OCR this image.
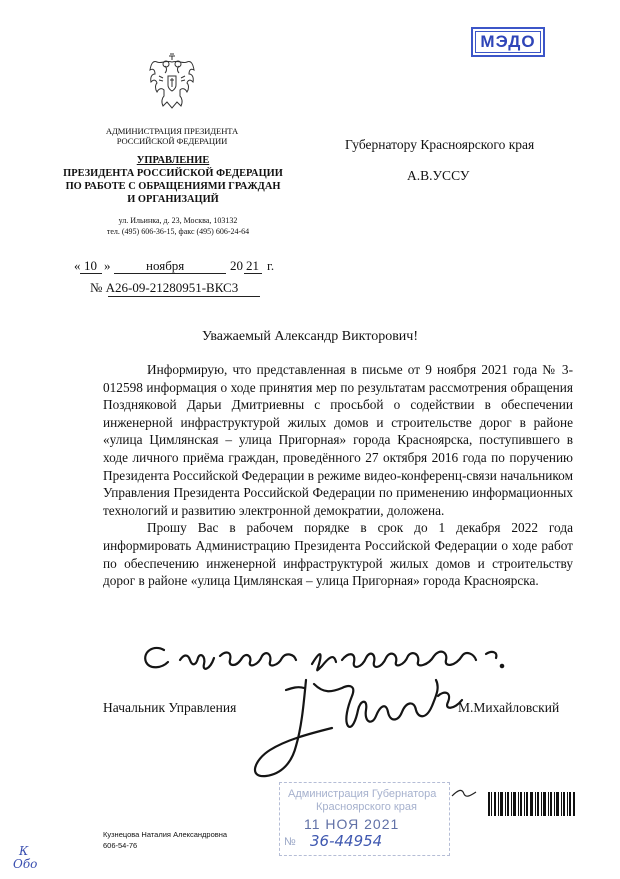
МЭДО
АДМИНИСТРАЦИЯ ПРЕЗИДЕНТА
РОССИЙСКОЙ ФЕДЕРАЦИИ
УПРАВЛЕНИЕ
ПРЕЗИДЕНТА РОССИЙСКОЙ ФЕДЕРАЦИИ
ПО РАБОТЕ С ОБРАЩЕНИЯМИ ГРАЖДАН
И ОРГАНИЗАЦИЙ
ул. Ильинка, д. 23, Москва, 103132
тел. (495) 606-36-15, факс (495) 606-24-64
« 10 »	ноября	20 21 г.
№ А26-09-21280951-ВКС3
Губернатору Красноярского края
А.В.УССУ
Уважаемый Александр Викторович!

Информирую, что представленная в письме от 9 ноября 2021 года № 3-012598 информация о ходе принятия мер по результатам рассмотрения обращения Поздняковой Дарьи Дмитриевны с просьбой о содействии в обеспечении инженерной инфраструктурой жилых домов и строительстве дорог в районе «улица Цимлянская – улица Пригорная» города Красноярска, поступившего в ходе личного приёма граждан, проведённого 27 октября 2016 года по поручению Президента Российской Федерации в режиме видео-конференц-связи начальником Управления Президента Российской Федерации по применению информационных технологий и развитию электронной демократии, доложена.

Прошу Вас в рабочем порядке в срок до 1 декабря 2022 года информировать Администрацию Президента Российской Федерации о ходе работ по обеспечению инженерной инфраструктурой жилых домов и строительству дорог в районе «улица Цимлянская – улица Пригорная» города Красноярска.

Начальник Управления	М.Михайловский
Администрация Губернатора
Красноярского края
11 НОЯ 2021
№ 36-44954
Кузнецова Наталия Александровна
606-54-76
К
Обо
